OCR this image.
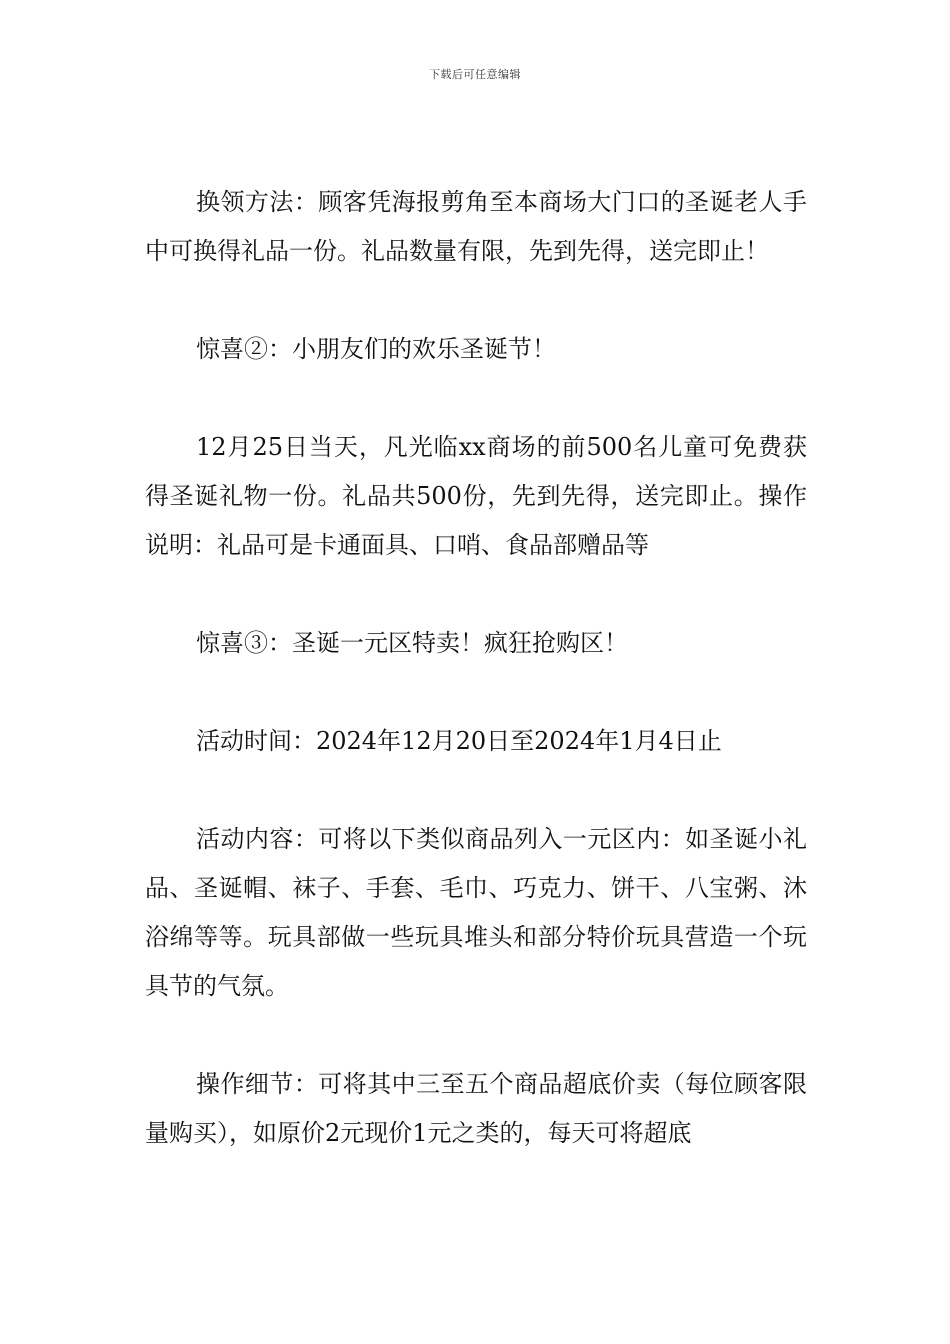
下载后可任意编辑

换领方法：顾客凭海报剪角至本商场大门口的圣诞老人手中可换得礼品一份。礼品数量有限，先到先得，送完即止！

惊喜②：小朋友们的欢乐圣诞节！

12月25日当天，凡光临xx商场的前500名儿童可免费获得圣诞礼物一份。礼品共500份，先到先得，送完即止。操作说明：礼品可是卡通面具、口哨、食品部赠品等

惊喜③：圣诞一元区特卖！疯狂抢购区！

活动时间：2024年12月20日至2024年1月4日止

活动内容：可将以下类似商品列入一元区内：如圣诞小礼品、圣诞帽、袜子、手套、毛巾、巧克力、饼干、八宝粥、沐浴绵等等。玩具部做一些玩具堆头和部分特价玩具营造一个玩具节的气氛。

操作细节：可将其中三至五个商品超底价卖（每位顾客限量购买），如原价2元现价1元之类的，每天可将超底
